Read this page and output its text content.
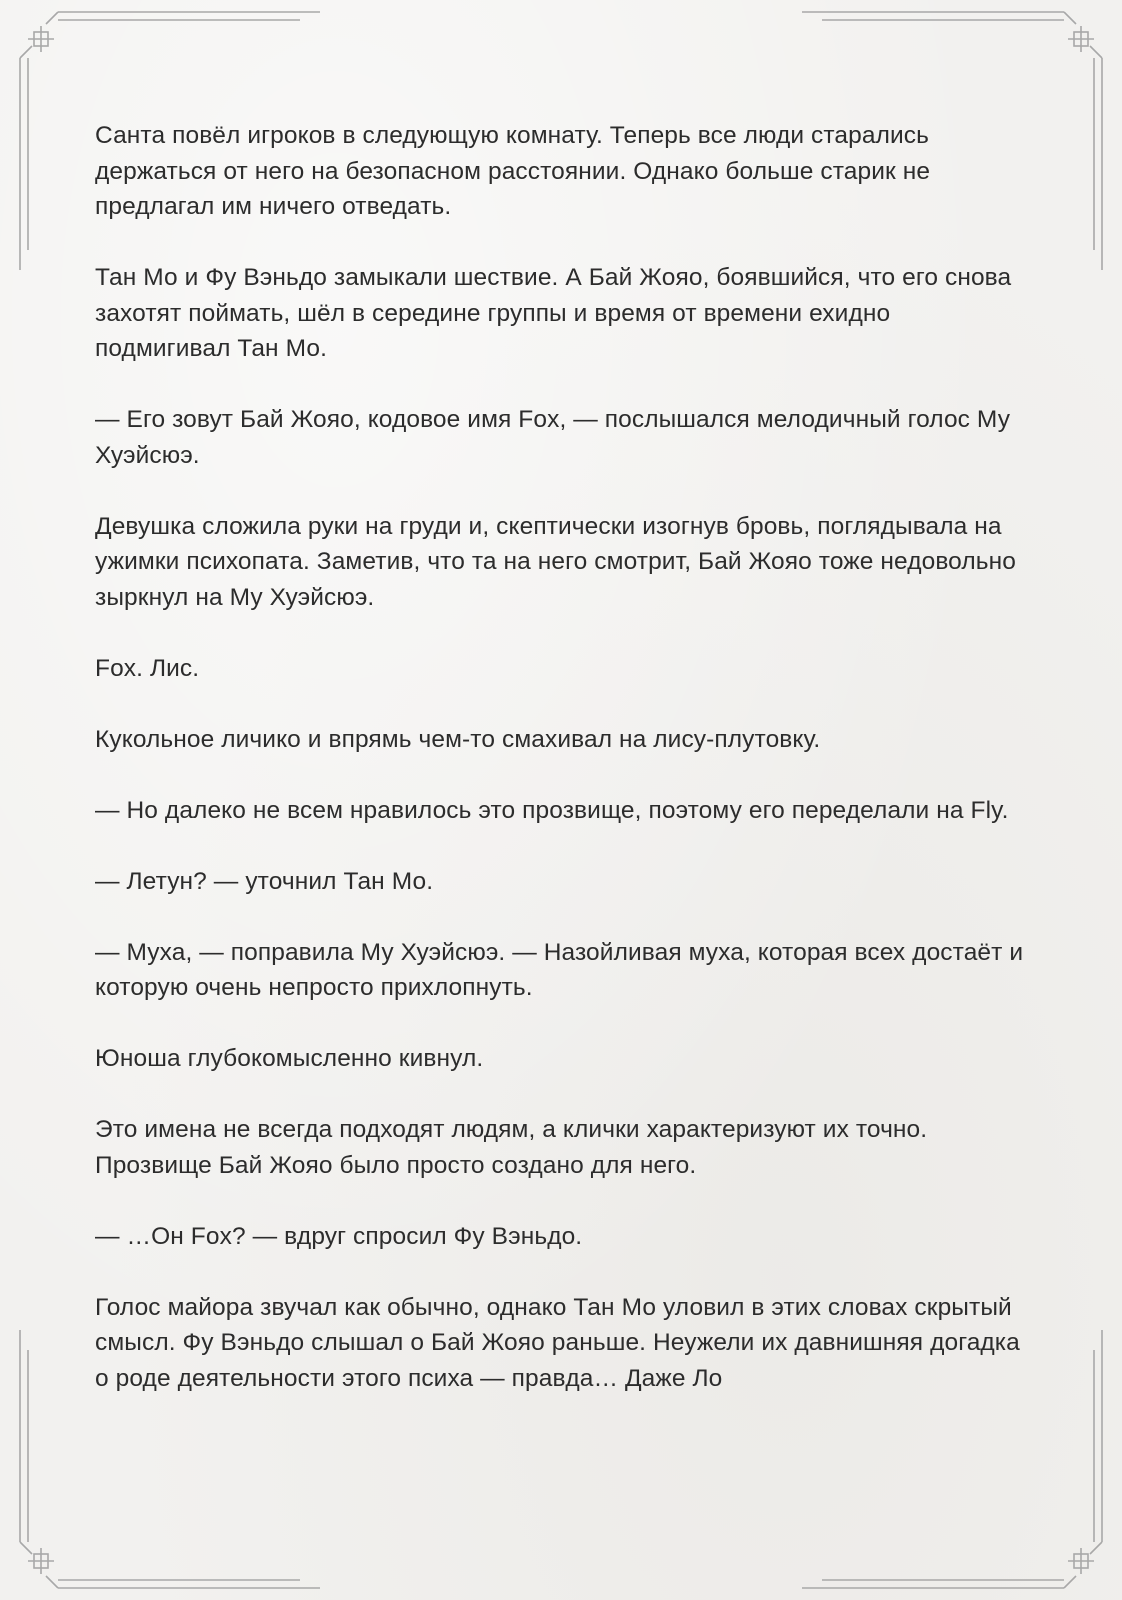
Санта повёл игроков в следующую комнату. Теперь все люди старались держаться от него на безопасном расстоянии. Однако больше старик не предлагал им ничего отведать.

Тан Мо и Фу Вэньдо замыкали шествие. А Бай Жояо, боявшийся, что его снова захотят поймать, шёл в середине группы и время от времени ехидно подмигивал Тан Мо.

— Его зовут Бай Жояо, кодовое имя Fox, — послышался мелодичный голос Му Хуэйсюэ.

Девушка сложила руки на груди и, скептически изогнув бровь, поглядывала на ужимки психопата. Заметив, что та на него смотрит, Бай Жояо тоже недовольно зыркнул на Му Хуэйсюэ.

Fox. Лис.

Кукольное личико и впрямь чем-то смахивал на лису-плутовку.

— Но далеко не всем нравилось это прозвище, поэтому его переделали на Fly.

— Летун? — уточнил Тан Мо.

— Муха, — поправила Му Хуэйсюэ. — Назойливая муха, которая всех достаёт и которую очень непросто прихлопнуть.

Юноша глубокомысленно кивнул.

Это имена не всегда подходят людям, а клички характеризуют их точно. Прозвище Бай Жояо было просто создано для него.

— …Он Fox? — вдруг спросил Фу Вэньдо.

Голос майора звучал как обычно, однако Тан Мо уловил в этих словах скрытый смысл. Фу Вэньдо слышал о Бай Жояо раньше. Неужели их давнишняя догадка о роде деятельности этого психа — правда… Даже Ло
